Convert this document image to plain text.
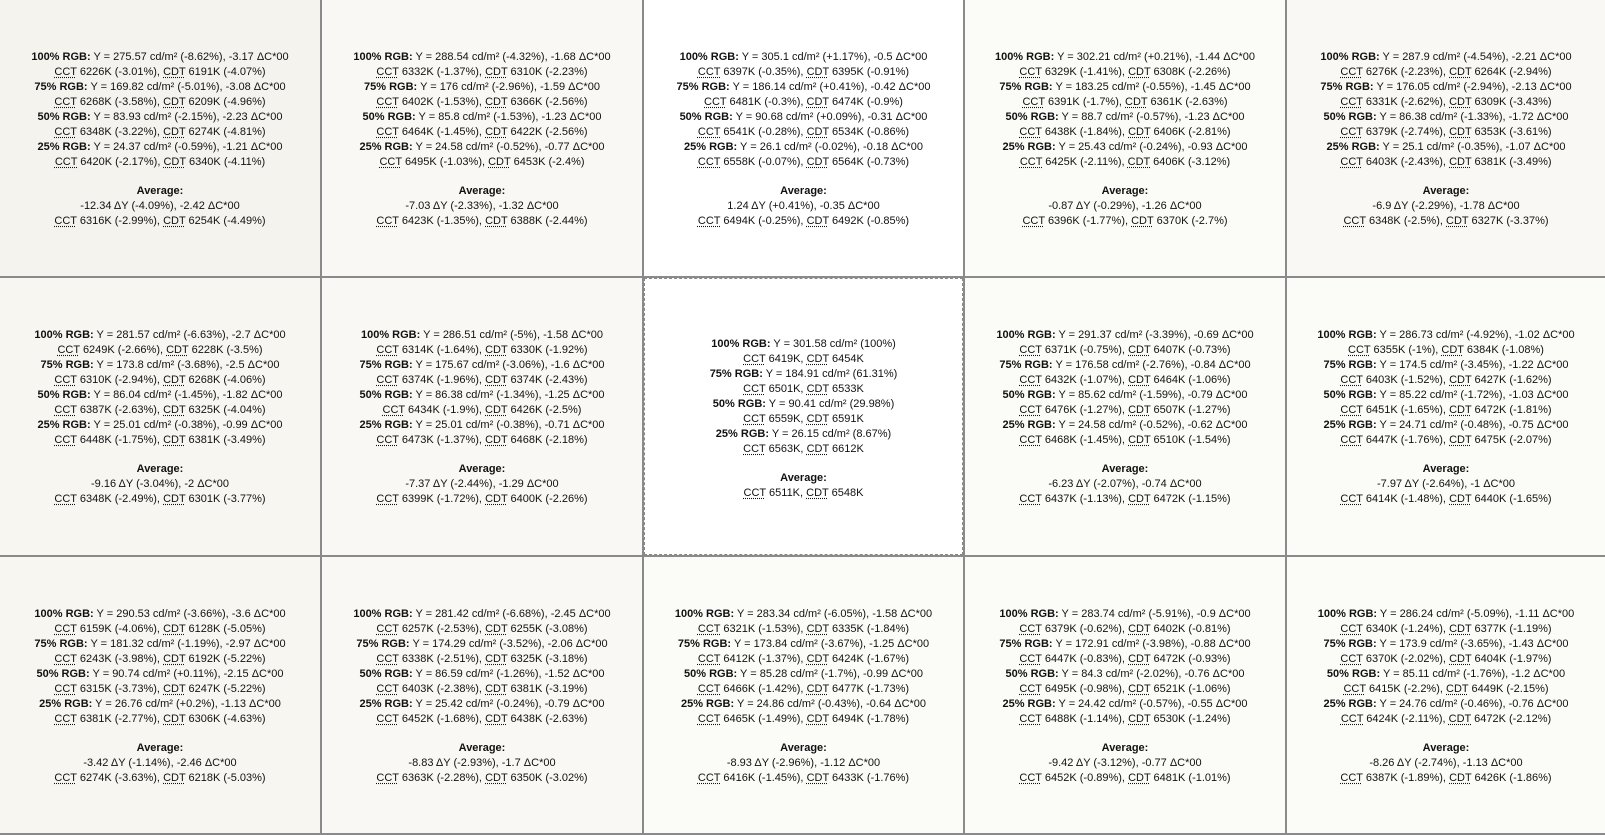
100% RGB: Y = 275.57 cd/m² (-8.62%), -3.17 ΔC*00
CCT 6226K (-3.01%), CDT 6191K (-4.07%)
75% RGB: Y = 169.82 cd/m² (-5.01%), -3.08 ΔC*00
CCT 6268K (-3.58%), CDT 6209K (-4.96%)
50% RGB: Y = 83.93 cd/m² (-2.15%), -2.23 ΔC*00
CCT 6348K (-3.22%), CDT 6274K (-4.81%)
25% RGB: Y = 24.37 cd/m² (-0.59%), -1.21 ΔC*00
CCT 6420K (-2.17%), CDT 6340K (-4.11%)
Average:
-12.34 ΔY (-4.09%), -2.42 ΔC*00
CCT 6316K (-2.99%), CDT 6254K (-4.49%)
100% RGB: Y = 288.54 cd/m² (-4.32%), -1.68 ΔC*00
CCT 6332K (-1.37%), CDT 6310K (-2.23%)
75% RGB: Y = 176 cd/m² (-2.96%), -1.59 ΔC*00
CCT 6402K (-1.53%), CDT 6366K (-2.56%)
50% RGB: Y = 85.8 cd/m² (-1.53%), -1.23 ΔC*00
CCT 6464K (-1.45%), CDT 6422K (-2.56%)
25% RGB: Y = 24.58 cd/m² (-0.52%), -0.77 ΔC*00
CCT 6495K (-1.03%), CDT 6453K (-2.4%)
Average:
-7.03 ΔY (-2.33%), -1.32 ΔC*00
CCT 6423K (-1.35%), CDT 6388K (-2.44%)
100% RGB: Y = 305.1 cd/m² (+1.17%), -0.5 ΔC*00
CCT 6397K (-0.35%), CDT 6395K (-0.91%)
75% RGB: Y = 186.14 cd/m² (+0.41%), -0.42 ΔC*00
CCT 6481K (-0.3%), CDT 6474K (-0.9%)
50% RGB: Y = 90.68 cd/m² (+0.09%), -0.31 ΔC*00
CCT 6541K (-0.28%), CDT 6534K (-0.86%)
25% RGB: Y = 26.1 cd/m² (-0.02%), -0.18 ΔC*00
CCT 6558K (-0.07%), CDT 6564K (-0.73%)
Average:
1.24 ΔY (+0.41%), -0.35 ΔC*00
CCT 6494K (-0.25%), CDT 6492K (-0.85%)
100% RGB: Y = 302.21 cd/m² (+0.21%), -1.44 ΔC*00
CCT 6329K (-1.41%), CDT 6308K (-2.26%)
75% RGB: Y = 183.25 cd/m² (-0.55%), -1.45 ΔC*00
CCT 6391K (-1.7%), CDT 6361K (-2.63%)
50% RGB: Y = 88.7 cd/m² (-0.57%), -1.23 ΔC*00
CCT 6438K (-1.84%), CDT 6406K (-2.81%)
25% RGB: Y = 25.43 cd/m² (-0.24%), -0.93 ΔC*00
CCT 6425K (-2.11%), CDT 6406K (-3.12%)
Average:
-0.87 ΔY (-0.29%), -1.26 ΔC*00
CCT 6396K (-1.77%), CDT 6370K (-2.7%)
100% RGB: Y = 287.9 cd/m² (-4.54%), -2.21 ΔC*00
CCT 6276K (-2.23%), CDT 6264K (-2.94%)
75% RGB: Y = 176.05 cd/m² (-2.94%), -2.13 ΔC*00
CCT 6331K (-2.62%), CDT 6309K (-3.43%)
50% RGB: Y = 86.38 cd/m² (-1.33%), -1.72 ΔC*00
CCT 6379K (-2.74%), CDT 6353K (-3.61%)
25% RGB: Y = 25.1 cd/m² (-0.35%), -1.07 ΔC*00
CCT 6403K (-2.43%), CDT 6381K (-3.49%)
Average:
-6.9 ΔY (-2.29%), -1.78 ΔC*00
CCT 6348K (-2.5%), CDT 6327K (-3.37%)
100% RGB: Y = 281.57 cd/m² (-6.63%), -2.7 ΔC*00
CCT 6249K (-2.66%), CDT 6228K (-3.5%)
75% RGB: Y = 173.8 cd/m² (-3.68%), -2.5 ΔC*00
CCT 6310K (-2.94%), CDT 6268K (-4.06%)
50% RGB: Y = 86.04 cd/m² (-1.45%), -1.82 ΔC*00
CCT 6387K (-2.63%), CDT 6325K (-4.04%)
25% RGB: Y = 25.01 cd/m² (-0.38%), -0.99 ΔC*00
CCT 6448K (-1.75%), CDT 6381K (-3.49%)
Average:
-9.16 ΔY (-3.04%), -2 ΔC*00
CCT 6348K (-2.49%), CDT 6301K (-3.77%)
100% RGB: Y = 286.51 cd/m² (-5%), -1.58 ΔC*00
CCT 6314K (-1.64%), CDT 6330K (-1.92%)
75% RGB: Y = 175.67 cd/m² (-3.06%), -1.6 ΔC*00
CCT 6374K (-1.96%), CDT 6374K (-2.43%)
50% RGB: Y = 86.38 cd/m² (-1.34%), -1.25 ΔC*00
CCT 6434K (-1.9%), CDT 6426K (-2.5%)
25% RGB: Y = 25.01 cd/m² (-0.38%), -0.71 ΔC*00
CCT 6473K (-1.37%), CDT 6468K (-2.18%)
Average:
-7.37 ΔY (-2.44%), -1.29 ΔC*00
CCT 6399K (-1.72%), CDT 6400K (-2.26%)
100% RGB: Y = 301.58 cd/m² (100%)
CCT 6419K, CDT 6454K
75% RGB: Y = 184.91 cd/m² (61.31%)
CCT 6501K, CDT 6533K
50% RGB: Y = 90.41 cd/m² (29.98%)
CCT 6559K, CDT 6591K
25% RGB: Y = 26.15 cd/m² (8.67%)
CCT 6563K, CDT 6612K
Average:
CCT 6511K, CDT 6548K
100% RGB: Y = 291.37 cd/m² (-3.39%), -0.69 ΔC*00
CCT 6371K (-0.75%), CDT 6407K (-0.73%)
75% RGB: Y = 176.58 cd/m² (-2.76%), -0.84 ΔC*00
CCT 6432K (-1.07%), CDT 6464K (-1.06%)
50% RGB: Y = 85.62 cd/m² (-1.59%), -0.79 ΔC*00
CCT 6476K (-1.27%), CDT 6507K (-1.27%)
25% RGB: Y = 24.58 cd/m² (-0.52%), -0.62 ΔC*00
CCT 6468K (-1.45%), CDT 6510K (-1.54%)
Average:
-6.23 ΔY (-2.07%), -0.74 ΔC*00
CCT 6437K (-1.13%), CDT 6472K (-1.15%)
100% RGB: Y = 286.73 cd/m² (-4.92%), -1.02 ΔC*00
CCT 6355K (-1%), CDT 6384K (-1.08%)
75% RGB: Y = 174.5 cd/m² (-3.45%), -1.22 ΔC*00
CCT 6403K (-1.52%), CDT 6427K (-1.62%)
50% RGB: Y = 85.22 cd/m² (-1.72%), -1.03 ΔC*00
CCT 6451K (-1.65%), CDT 6472K (-1.81%)
25% RGB: Y = 24.71 cd/m² (-0.48%), -0.75 ΔC*00
CCT 6447K (-1.76%), CDT 6475K (-2.07%)
Average:
-7.97 ΔY (-2.64%), -1 ΔC*00
CCT 6414K (-1.48%), CDT 6440K (-1.65%)
100% RGB: Y = 290.53 cd/m² (-3.66%), -3.6 ΔC*00
CCT 6159K (-4.06%), CDT 6128K (-5.05%)
75% RGB: Y = 181.32 cd/m² (-1.19%), -2.97 ΔC*00
CCT 6243K (-3.98%), CDT 6192K (-5.22%)
50% RGB: Y = 90.74 cd/m² (+0.11%), -2.15 ΔC*00
CCT 6315K (-3.73%), CDT 6247K (-5.22%)
25% RGB: Y = 26.76 cd/m² (+0.2%), -1.13 ΔC*00
CCT 6381K (-2.77%), CDT 6306K (-4.63%)
Average:
-3.42 ΔY (-1.14%), -2.46 ΔC*00
CCT 6274K (-3.63%), CDT 6218K (-5.03%)
100% RGB: Y = 281.42 cd/m² (-6.68%), -2.45 ΔC*00
CCT 6257K (-2.53%), CDT 6255K (-3.08%)
75% RGB: Y = 174.29 cd/m² (-3.52%), -2.06 ΔC*00
CCT 6338K (-2.51%), CDT 6325K (-3.18%)
50% RGB: Y = 86.59 cd/m² (-1.26%), -1.52 ΔC*00
CCT 6403K (-2.38%), CDT 6381K (-3.19%)
25% RGB: Y = 25.42 cd/m² (-0.24%), -0.79 ΔC*00
CCT 6452K (-1.68%), CDT 6438K (-2.63%)
Average:
-8.83 ΔY (-2.93%), -1.7 ΔC*00
CCT 6363K (-2.28%), CDT 6350K (-3.02%)
100% RGB: Y = 283.34 cd/m² (-6.05%), -1.58 ΔC*00
CCT 6321K (-1.53%), CDT 6335K (-1.84%)
75% RGB: Y = 173.84 cd/m² (-3.67%), -1.25 ΔC*00
CCT 6412K (-1.37%), CDT 6424K (-1.67%)
50% RGB: Y = 85.28 cd/m² (-1.7%), -0.99 ΔC*00
CCT 6466K (-1.42%), CDT 6477K (-1.73%)
25% RGB: Y = 24.86 cd/m² (-0.43%), -0.64 ΔC*00
CCT 6465K (-1.49%), CDT 6494K (-1.78%)
Average:
-8.93 ΔY (-2.96%), -1.12 ΔC*00
CCT 6416K (-1.45%), CDT 6433K (-1.76%)
100% RGB: Y = 283.74 cd/m² (-5.91%), -0.9 ΔC*00
CCT 6379K (-0.62%), CDT 6402K (-0.81%)
75% RGB: Y = 172.91 cd/m² (-3.98%), -0.88 ΔC*00
CCT 6447K (-0.83%), CDT 6472K (-0.93%)
50% RGB: Y = 84.3 cd/m² (-2.02%), -0.76 ΔC*00
CCT 6495K (-0.98%), CDT 6521K (-1.06%)
25% RGB: Y = 24.42 cd/m² (-0.57%), -0.55 ΔC*00
CCT 6488K (-1.14%), CDT 6530K (-1.24%)
Average:
-9.42 ΔY (-3.12%), -0.77 ΔC*00
CCT 6452K (-0.89%), CDT 6481K (-1.01%)
100% RGB: Y = 286.24 cd/m² (-5.09%), -1.11 ΔC*00
CCT 6340K (-1.24%), CDT 6377K (-1.19%)
75% RGB: Y = 173.9 cd/m² (-3.65%), -1.43 ΔC*00
CCT 6370K (-2.02%), CDT 6404K (-1.97%)
50% RGB: Y = 85.11 cd/m² (-1.76%), -1.2 ΔC*00
CCT 6415K (-2.2%), CDT 6449K (-2.15%)
25% RGB: Y = 24.76 cd/m² (-0.46%), -0.76 ΔC*00
CCT 6424K (-2.11%), CDT 6472K (-2.12%)
Average:
-8.26 ΔY (-2.74%), -1.13 ΔC*00
CCT 6387K (-1.89%), CDT 6426K (-1.86%)
